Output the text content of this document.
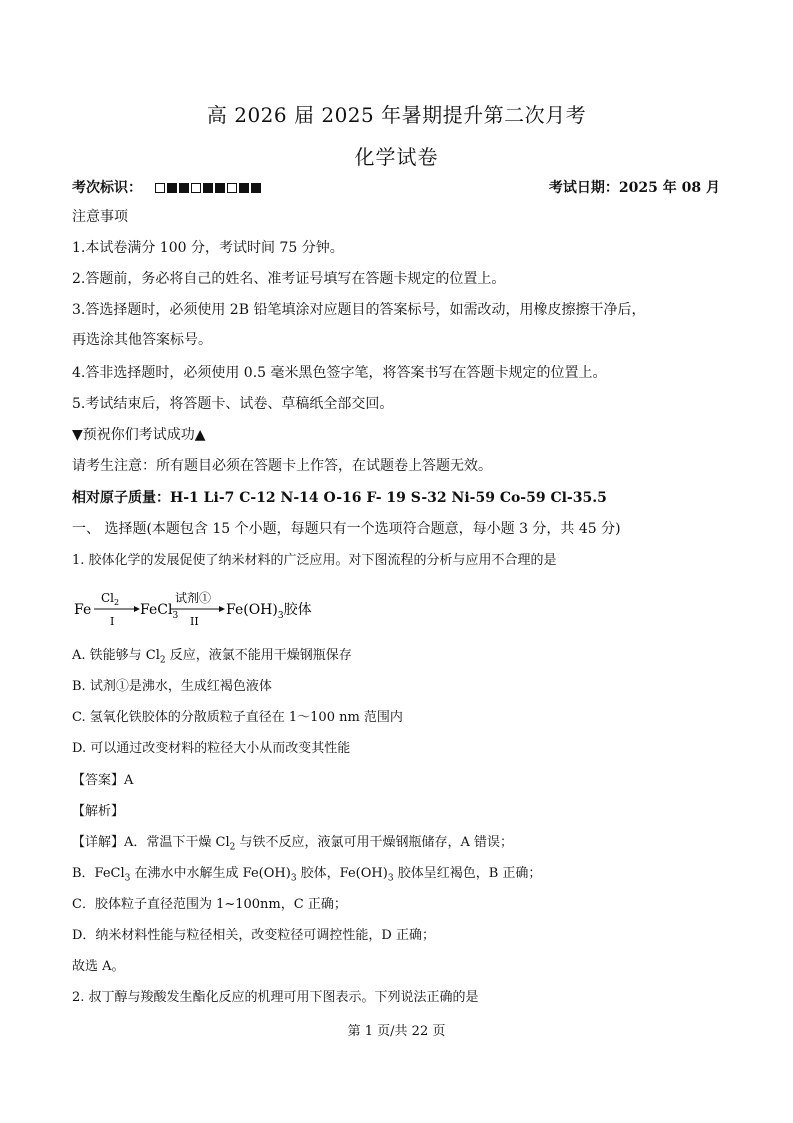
高 2026 届 2025 年暑期提升第二次月考
化学试卷
考次标识：	考试日期：2025 年 08 月
注意事项
1.本试卷满分 100 分，考试时间 75 分钟。
2.答题前，务必将自己的姓名、准考证号填写在答题卡规定的位置上。
3.答选择题时，必须使用 2B 铅笔填涂对应题目的答案标号，如需改动，用橡皮擦擦干净后，
再选涂其他答案标号。
4.答非选择题时，必须使用 0.5 毫米黑色签字笔，将答案书写在答题卡规定的位置上。
5.考试结束后，将答题卡、试卷、草稿纸全部交回。
▼预祝你们考试成功▲
请考生注意：所有题目必须在答题卡上作答，在试题卷上答题无效。
相对原子质量：H-1 Li-7 C-12 N-14 O-16 F- 19 S-32 Ni-59 Co-59 Cl-35.5
一、 选择题(本题包含 15 个小题，每题只有一个选项符合题意，每小题 3 分，共 45 分)
1. 胶体化学的发展促使了纳米材料的广泛应用。对下图流程的分析与应用不合理的是
Fe
$Cl_2$
I
FeCl$_3$
试剂①
II
$Fe(OH)_3$胶体
A. 铁能够与 $Cl_2$ 反应，液氯不能用干燥钢瓶保存
B. 试剂①是沸水，生成红褐色液体
C. 氢氧化铁胶体的分散质粒子直径在 1～100 nm 范围内
D. 可以通过改变材料的粒径大小从而改变其性能
【答案】A
【解析】
【详解】A．常温下干燥 $Cl_2$ 与铁不反应，液氯可用干燥钢瓶储存，A 错误；
B．FeCl$_3$ 在沸水中水解生成 $Fe(OH)_3$ 胶体，$Fe(OH)_3$ 胶体呈红褐色，B 正确；
C．胶体粒子直径范围为 1~100nm，C 正确；
D．纳米材料性能与粒径相关，改变粒径可调控性能，D 正确；
故选 A。
2. 叔丁醇与羧酸发生酯化反应的机理可用下图表示。下列说法正确的是
第 1 页/共 22 页
